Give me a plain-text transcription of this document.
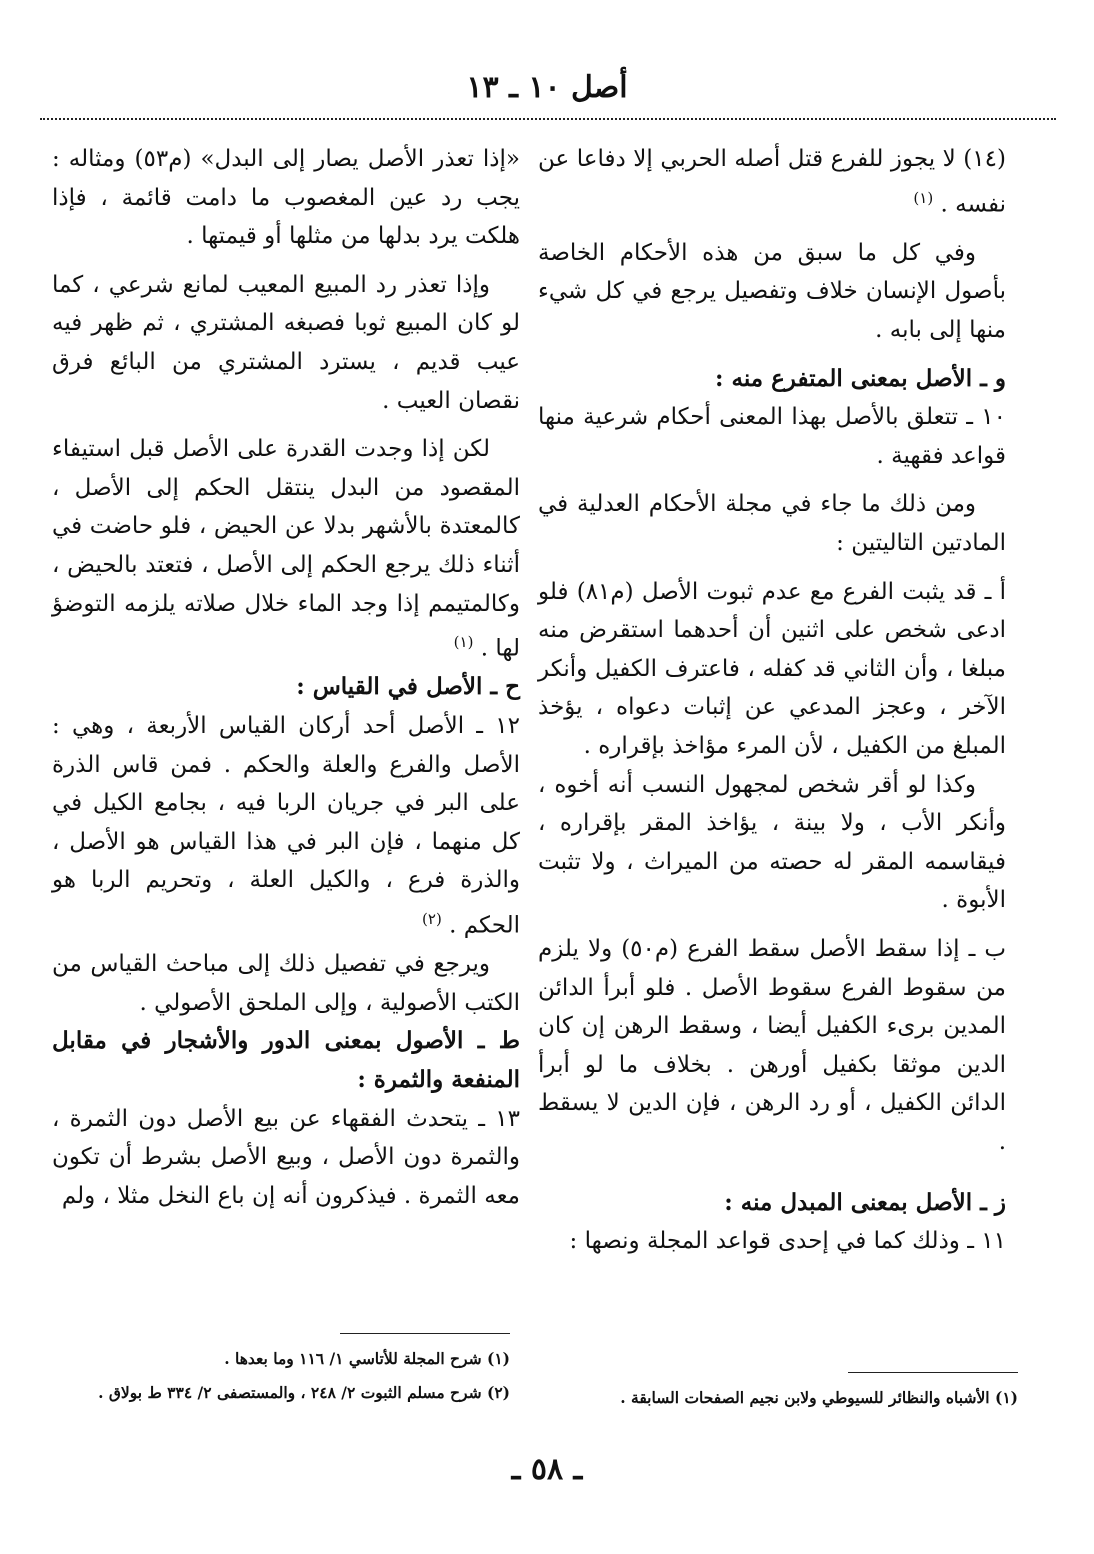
أصل ١٠ ـ ١٣

(١٤) لا يجوز للفرع قتل أصله الحربي إلا دفاعا عن نفسه . $^{(١)}$

وفي كل ما سبق من هذه الأحكام الخاصة بأصول الإنسان خلاف وتفصيل يرجع في كل شيء منها إلى بابه .

و ـ الأصل بمعنى المتفرع منه :

١٠ ـ تتعلق بالأصل بهذا المعنى أحكام شرعية منها قواعد فقهية .

ومن ذلك ما جاء في مجلة الأحكام العدلية في المادتين التاليتين :

أ ـ قد يثبت الفرع مع عدم ثبوت الأصل (م٨١) فلو ادعى شخص على اثنين أن أحدهما استقرض منه مبلغا ، وأن الثاني قد كفله ، فاعترف الكفيل وأنكر الآخر ، وعجز المدعي عن إثبات دعواه ، يؤخذ المبلغ من الكفيل ، لأن المرء مؤاخذ بإقراره .

وكذا لو أقر شخص لمجهول النسب أنه أخوه ، وأنكر الأب ، ولا بينة ، يؤاخذ المقر بإقراره ، فيقاسمه المقر له حصته من الميراث ، ولا تثبت الأبوة .

ب ـ إذا سقط الأصل سقط الفرع (م٥٠) ولا يلزم من سقوط الفرع سقوط الأصل . فلو أبرأ الدائن المدين برىء الكفيل أيضا ، وسقط الرهن إن كان الدين موثقا بكفيل أورهن . بخلاف ما لو أبرأ الدائن الكفيل ، أو رد الرهن ، فإن الدين لا يسقط .

ز ـ الأصل بمعنى المبدل منه :

١١ ـ وذلك كما في إحدى قواعد المجلة ونصها :

«إذا تعذر الأصل يصار إلى البدل» (م٥٣) ومثاله : يجب رد عين المغصوب ما دامت قائمة ، فإذا هلكت يرد بدلها من مثلها أو قيمتها .

وإذا تعذر رد المبيع المعيب لمانع شرعي ، كما لو كان المبيع ثوبا فصبغه المشتري ، ثم ظهر فيه عيب قديم ، يسترد المشتري من البائع فرق نقصان العيب .

لكن إذا وجدت القدرة على الأصل قبل استيفاء المقصود من البدل ينتقل الحكم إلى الأصل ، كالمعتدة بالأشهر بدلا عن الحيض ، فلو حاضت في أثناء ذلك يرجع الحكم إلى الأصل ، فتعتد بالحيض ، وكالمتيمم إذا وجد الماء خلال صلاته يلزمه التوضؤ لها . $^{(١)}$

ح ـ الأصل في القياس :

١٢ ـ الأصل أحد أركان القياس الأربعة ، وهي : الأصل والفرع والعلة والحكم . فمن قاس الذرة على البر في جريان الربا فيه ، بجامع الكيل في كل منهما ، فإن البر في هذا القياس هو الأصل ، والذرة فرع ، والكيل العلة ، وتحريم الربا هو الحكم . $^{(٢)}$

ويرجع في تفصيل ذلك إلى مباحث القياس من الكتب الأصولية ، وإلى الملحق الأصولي .

ط ـ الأصول بمعنى الدور والأشجار في مقابل المنفعة والثمرة :

١٣ ـ يتحدث الفقهاء عن بيع الأصل دون الثمرة ، والثمرة دون الأصل ، وبيع الأصل بشرط أن تكون معه الثمرة . فيذكرون أنه إن باع النخل مثلا ، ولم

(١) الأشباه والنظائر للسيوطي ولابن نجيم الصفحات السابقة .

(١) شرح المجلة للأتاسي ١/ ١١٦ وما بعدها .

(٢) شرح مسلم الثبوت ٢/ ٢٤٨ ، والمستصفى ٢/ ٣٣٤ ط بولاق .

ـ ٥٨ ـ
